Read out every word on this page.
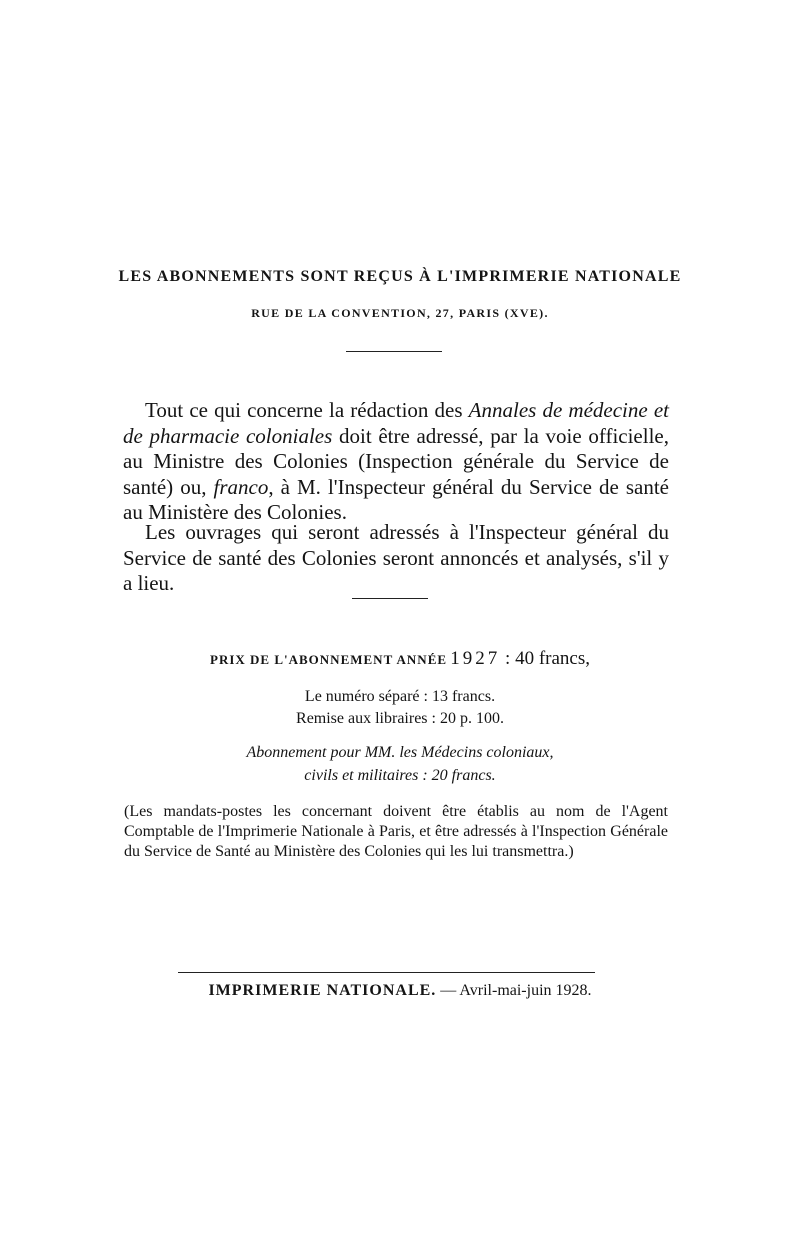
LES ABONNEMENTS SONT REÇUS À L'IMPRIMERIE NATIONALE
RUE DE LA CONVENTION, 27, PARIS (XVE).
Tout ce qui concerne la rédaction des Annales de médecine et de pharmacie coloniales doit être adressé, par la voie officielle, au Ministre des Colonies (Inspection générale du Service de santé) ou, franco, à M. l'Inspecteur général du Service de santé au Ministère des Colonies.
Les ouvrages qui seront adressés à l'Inspecteur général du Service de santé des Colonies seront annoncés et analysés, s'il y a lieu.
PRIX DE L'ABONNEMENT ANNÉE 1927 : 40 francs,
Le numéro séparé : 13 francs.
Remise aux libraires : 20 p. 100.
Abonnement pour MM. les Médecins coloniaux,
civils et militaires : 20 francs.
(Les mandats-postes les concernant doivent être établis au nom de l'Agent Comptable de l'Imprimerie Nationale à Paris, et être adressés à l'Inspection Générale du Service de Santé au Ministère des Colonies qui les lui transmettra.)
IMPRIMERIE NATIONALE. — Avril-mai-juin 1928.
